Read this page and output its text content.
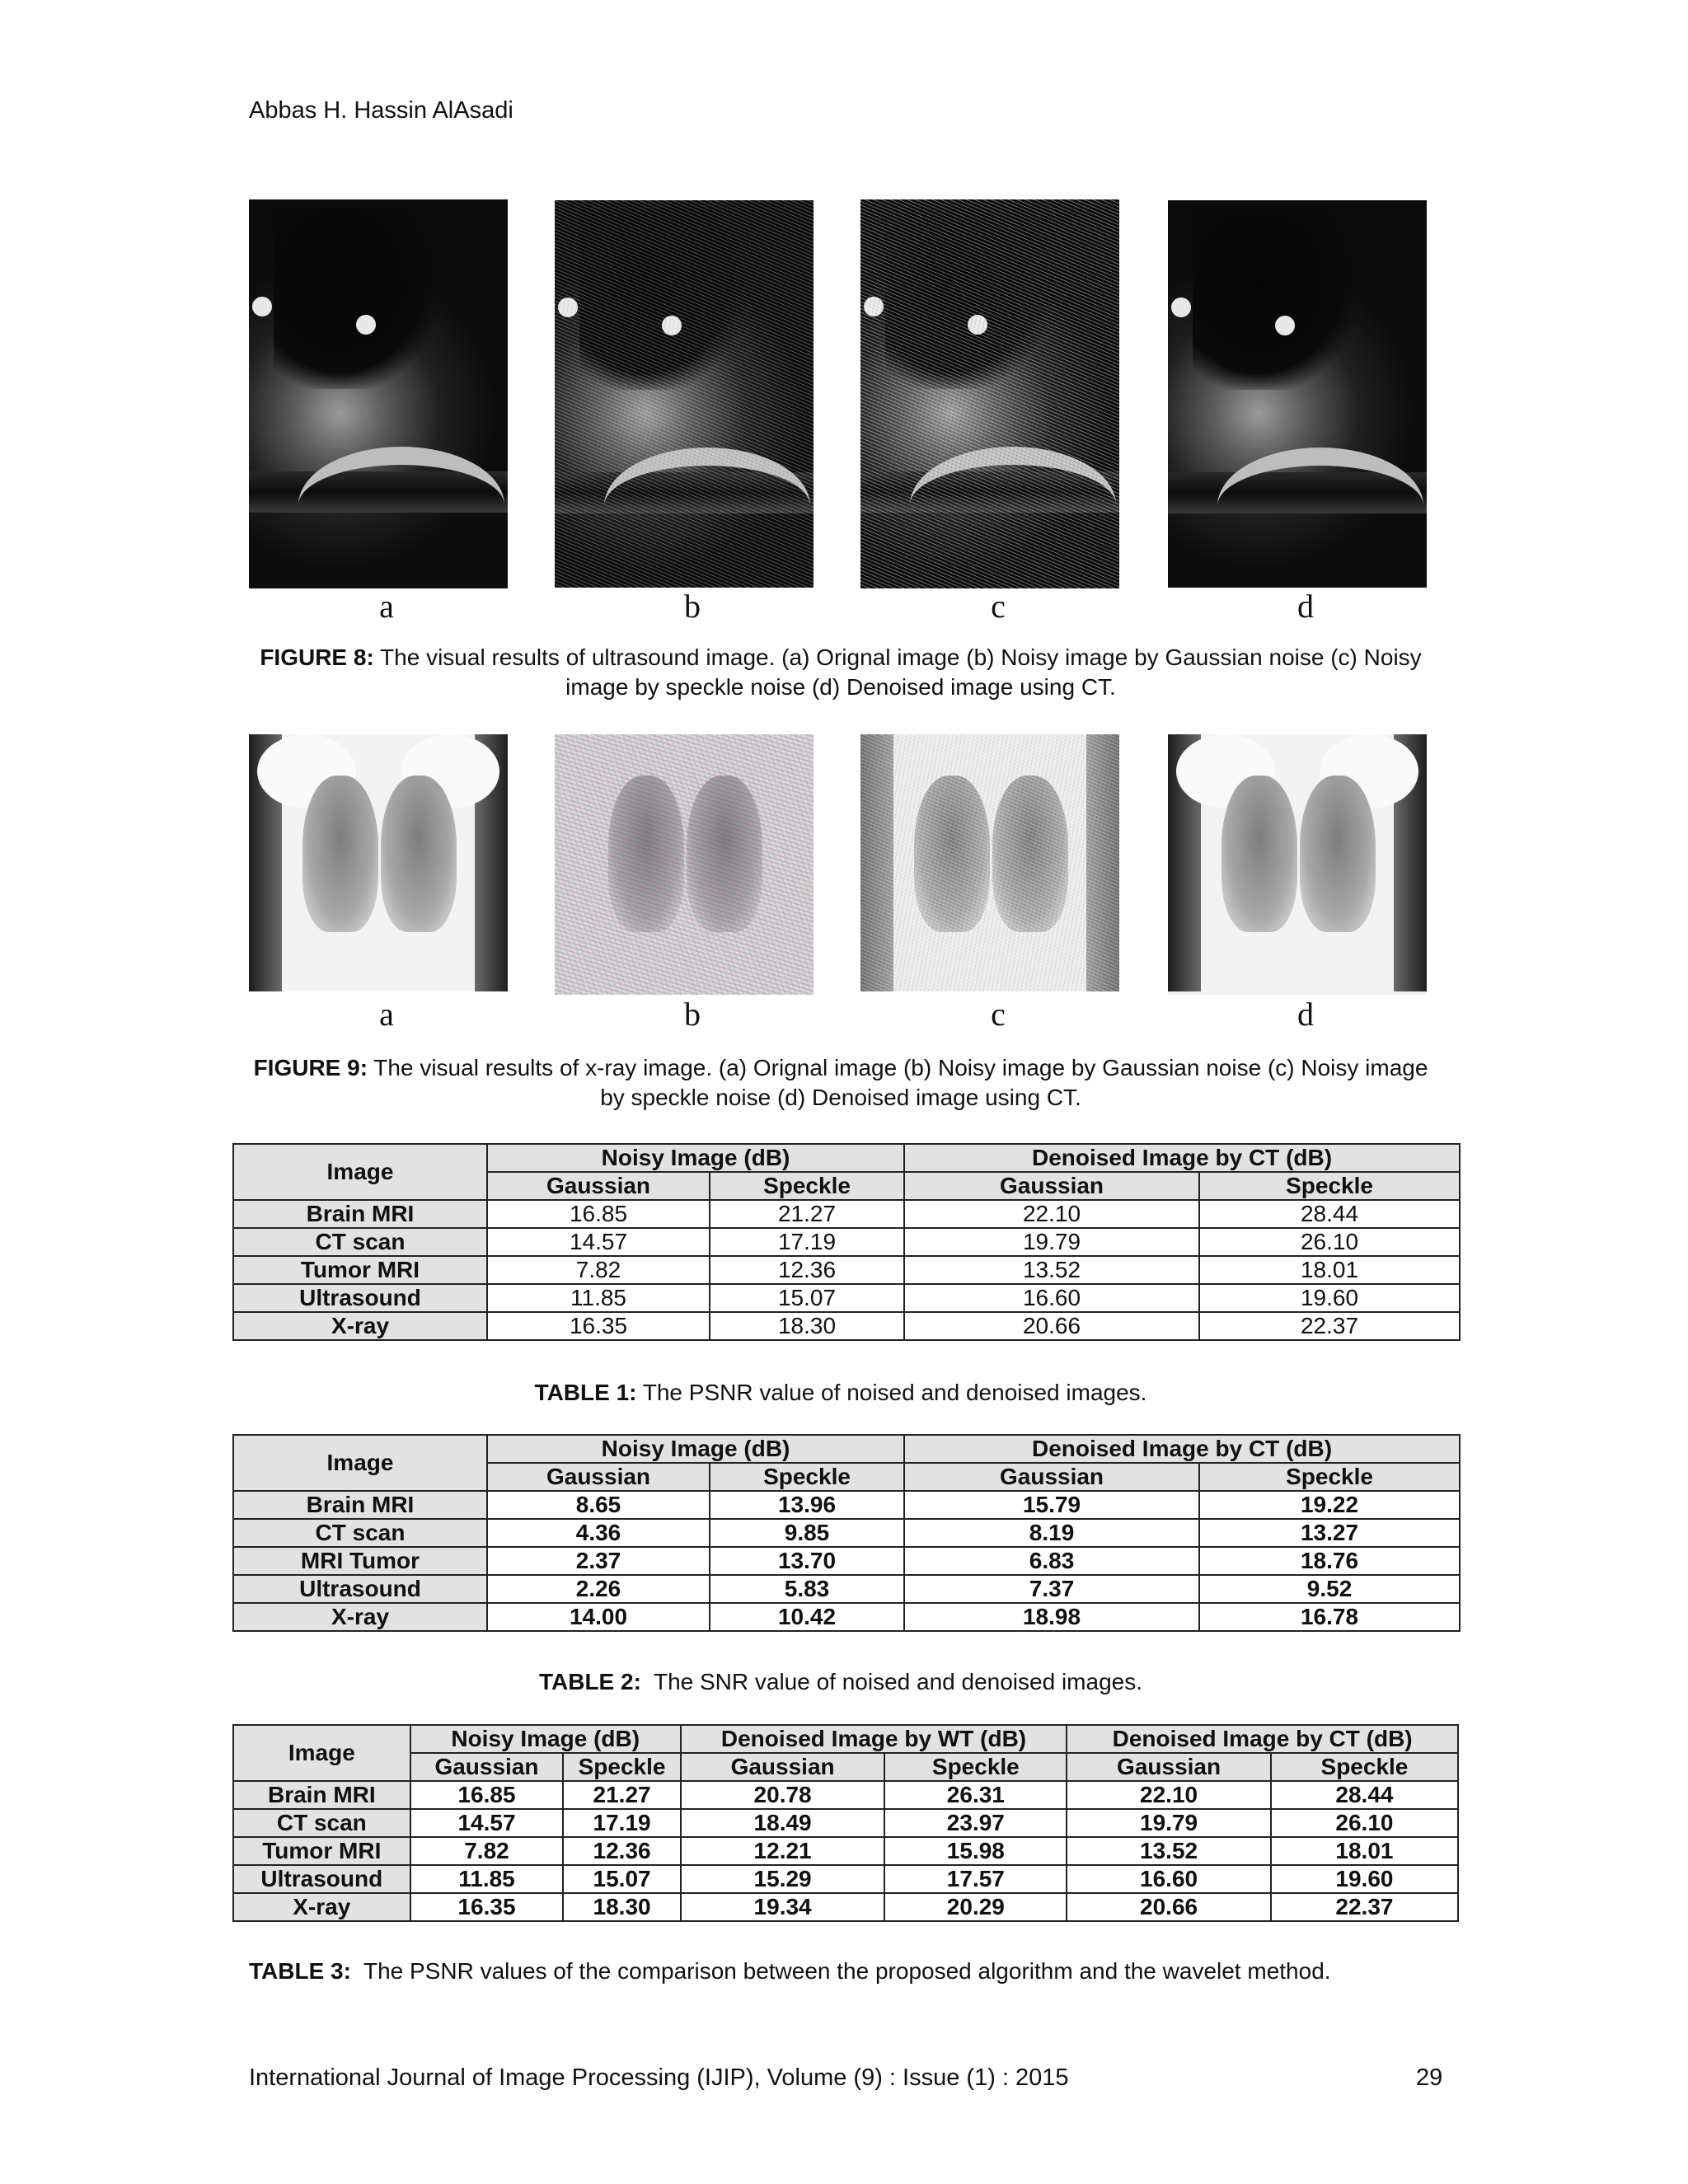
Abbas H. Hassin AlAsadi
a	b	c	d
FIGURE 8: The visual results of ultrasound image. (a) Orignal image (b) Noisy image by Gaussian noise (c) Noisy image by speckle noise (d) Denoised image using CT.
a	b	c	d
FIGURE 9: The visual results of x-ray image. (a) Orignal image (b) Noisy image by Gaussian noise (c) Noisy image by speckle noise (d) Denoised image using CT.
Image	Noisy Image (dB)		Denoised Image by CT (dB)	
	Gaussian	Speckle	Gaussian	Speckle
Brain MRI	16.85	21.27	22.10	28.44
CT scan	14.57	17.19	19.79	26.10
Tumor MRI	7.82	12.36	13.52	18.01
Ultrasound	11.85	15.07	16.60	19.60
X-ray	16.35	18.30	20.66	22.37
TABLE 1: The PSNR value of noised and denoised images.
Image	Noisy Image (dB)		Denoised Image by CT (dB)	
	Gaussian	Speckle	Gaussian	Speckle
Brain MRI	8.65	13.96	15.79	19.22
CT scan	4.36	9.85	8.19	13.27
MRI Tumor	2.37	13.70	6.83	18.76
Ultrasound	2.26	5.83	7.37	9.52
X-ray	14.00	10.42	18.98	16.78
TABLE 2:  The SNR value of noised and denoised images.
Image	Noisy Image (dB)		Denoised Image by WT (dB)		Denoised Image by CT (dB)	
	Gaussian	Speckle	Gaussian	Speckle	Gaussian	Speckle
Brain MRI	16.85	21.27	20.78	26.31	22.10	28.44
CT scan	14.57	17.19	18.49	23.97	19.79	26.10
Tumor MRI	7.82	12.36	12.21	15.98	13.52	18.01
Ultrasound	11.85	15.07	15.29	17.57	16.60	19.60
X-ray	16.35	18.30	19.34	20.29	20.66	22.37
TABLE 3:  The PSNR values of the comparison between the proposed algorithm and the wavelet method.
International Journal of Image Processing (IJIP), Volume (9) : Issue (1) : 2015	29
